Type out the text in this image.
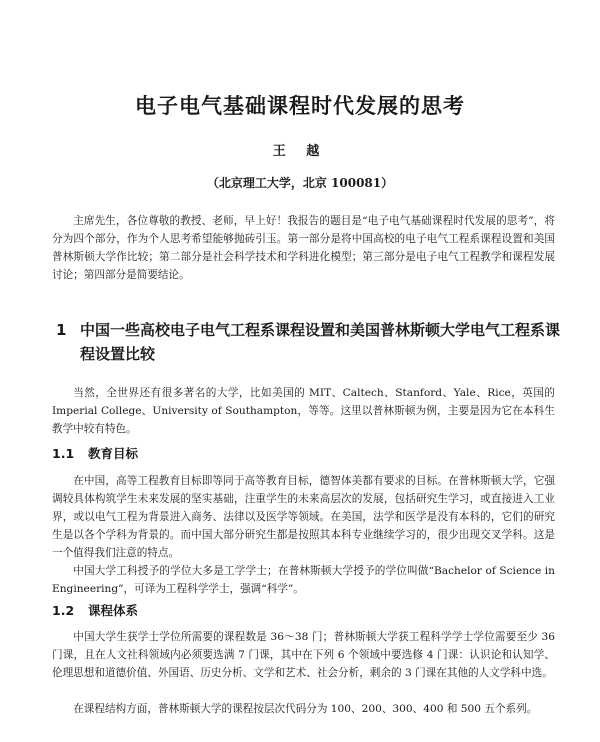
电子电气基础课程时代发展的思考
王 越
（北京理工大学，北京 100081）

主席先生，各位尊敬的教授、老师，早上好！我报告的题目是“电子电气基础课程时代发展的思考”，将分为四个部分，作为个人思考希望能够抛砖引玉。第一部分是将中国高校的电子电气工程系课程设置和美国普林斯顿大学作比较；第二部分是社会科学技术和学科进化模型；第三部分是电子电气工程教学和课程发展讨论；第四部分是简要结论。

1 中国一些高校电子电气工程系课程设置和美国普林斯顿大学电气工程系课程设置比较

当然，全世界还有很多著名的大学，比如美国的 MIT、Caltech、Stanford、Yale、Rice，英国的 Imperial College、University of Southampton，等等。这里以普林斯顿为例，主要是因为它在本科生教学中较有特色。

1.1 教育目标

在中国，高等工程教育目标即等同于高等教育目标，德智体美都有要求的目标。在普林斯顿大学，它强调较具体构筑学生未来发展的坚实基础，注重学生的未来高层次的发展，包括研究生学习，或直接进入工业界，或以电气工程为背景进入商务、法律以及医学等领域。在美国，法学和医学是没有本科的，它们的研究生是以各个学科为背景的。而中国大部分研究生都是按照其本科专业继续学习的，很少出现交叉学科。这是一个值得我们注意的特点。

中国大学工科授予的学位大多是工学学士；在普林斯顿大学授予的学位叫做“Bachelor of Science in Engineering”，可译为工程科学学士，强调“科学”。

1.2 课程体系

中国大学生获学士学位所需要的课程数是 36～38 门；普林斯顿大学获工程科学学士学位需要至少 36 门课，且在人文社科领域内必须要选满 7 门课，其中在下列 6 个领域中要选修 4 门课：认识论和认知学、伦理思想和道德价值、外国语、历史分析、文学和艺术、社会分析，剩余的 3 门课在其他的人文学科中选。

在课程结构方面，普林斯顿大学的课程按层次代码分为 100、200、300、400 和 500 五个系列。
